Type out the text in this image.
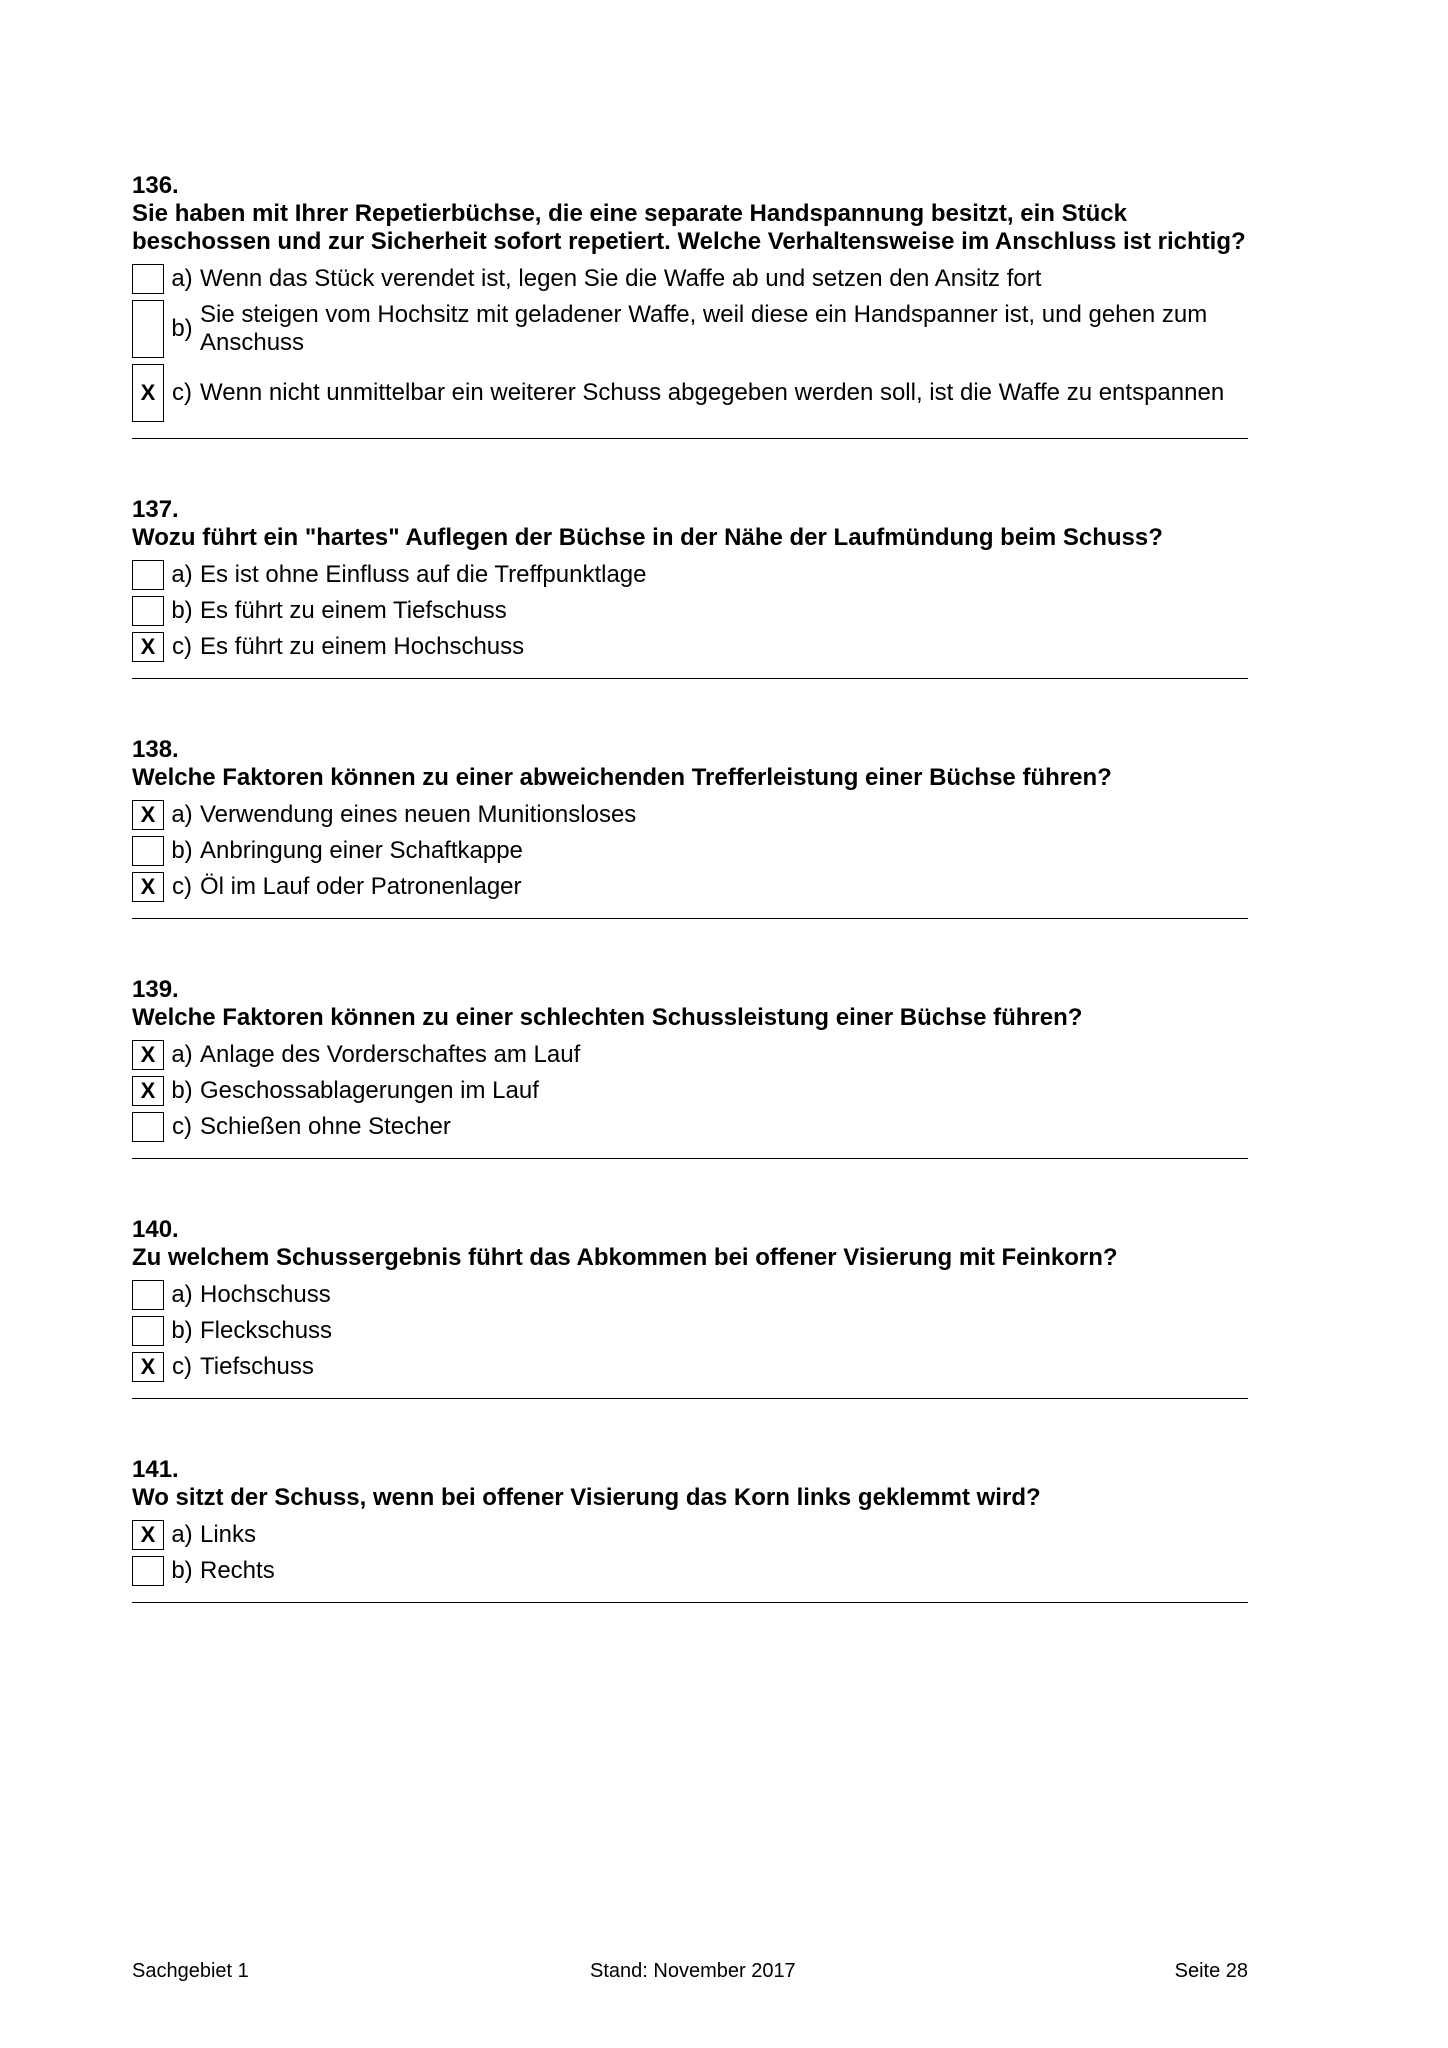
136.
Sie haben mit Ihrer Repetierbüchse, die eine separate Handspannung besitzt, ein Stück beschossen und zur Sicherheit sofort repetiert. Welche Verhaltensweise im Anschluss ist richtig?
a) Wenn das Stück verendet ist, legen Sie die Waffe ab und setzen den Ansitz fort
b)
Sie steigen vom Hochsitz mit geladener Waffe, weil diese ein Handspanner ist, und gehen zum Anschuss
X c) Wenn nicht unmittelbar ein weiterer Schuss abgegeben werden soll, ist die Waffe zu entspannen
137.
Wozu führt ein "hartes" Auflegen der Büchse in der Nähe der Laufmündung beim Schuss?
a) Es ist ohne Einfluss auf die Treffpunktlage
b) Es führt zu einem Tiefschuss
X c) Es führt zu einem Hochschuss
138.
Welche Faktoren können zu einer abweichenden Trefferleistung einer Büchse führen?
X a) Verwendung eines neuen Munitionsloses
b) Anbringung einer Schaftkappe
X c) Öl im Lauf oder Patronenlager
139.
Welche Faktoren können zu einer schlechten Schussleistung einer Büchse führen?
X a) Anlage des Vorderschaftes am Lauf
X b) Geschossablagerungen im Lauf
c) Schießen ohne Stecher
140.
Zu welchem Schussergebnis führt das Abkommen bei offener Visierung mit Feinkorn?
a) Hochschuss
b) Fleckschuss
X c) Tiefschuss
141.
Wo sitzt der Schuss, wenn bei offener Visierung das Korn links geklemmt wird?
X a) Links
b) Rechts
Sachgebiet 1	Stand: November 2017	Seite 28
